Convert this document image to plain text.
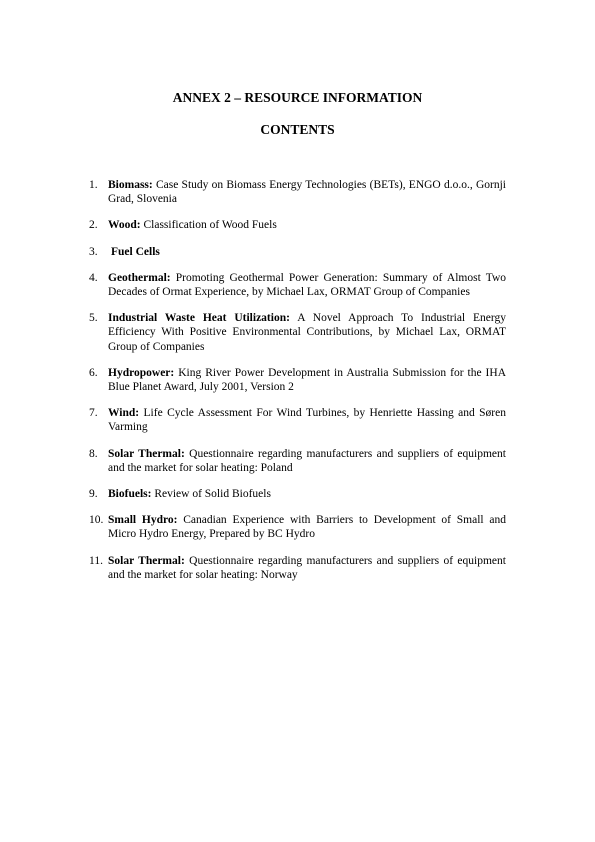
ANNEX 2 – RESOURCE INFORMATION
CONTENTS
1. Biomass: Case Study on Biomass Energy Technologies (BETs), ENGO d.o.o., Gornji Grad, Slovenia
2. Wood: Classification of Wood Fuels
3. Fuel Cells
4. Geothermal: Promoting Geothermal Power Generation: Summary of Almost Two Decades of Ormat Experience, by Michael Lax, ORMAT Group of Companies
5. Industrial Waste Heat Utilization: A Novel Approach To Industrial Energy Efficiency With Positive Environmental Contributions, by Michael Lax, ORMAT Group of Companies
6. Hydropower: King River Power Development in Australia Submission for the IHA Blue Planet Award, July 2001, Version 2
7. Wind: Life Cycle Assessment For Wind Turbines, by Henriette Hassing and Søren Varming
8. Solar Thermal: Questionnaire regarding manufacturers and suppliers of equipment and the market for solar heating: Poland
9. Biofuels: Review of Solid Biofuels
10. Small Hydro: Canadian Experience with Barriers to Development of Small and Micro Hydro Energy, Prepared by BC Hydro
11. Solar Thermal: Questionnaire regarding manufacturers and suppliers of equipment and the market for solar heating: Norway
